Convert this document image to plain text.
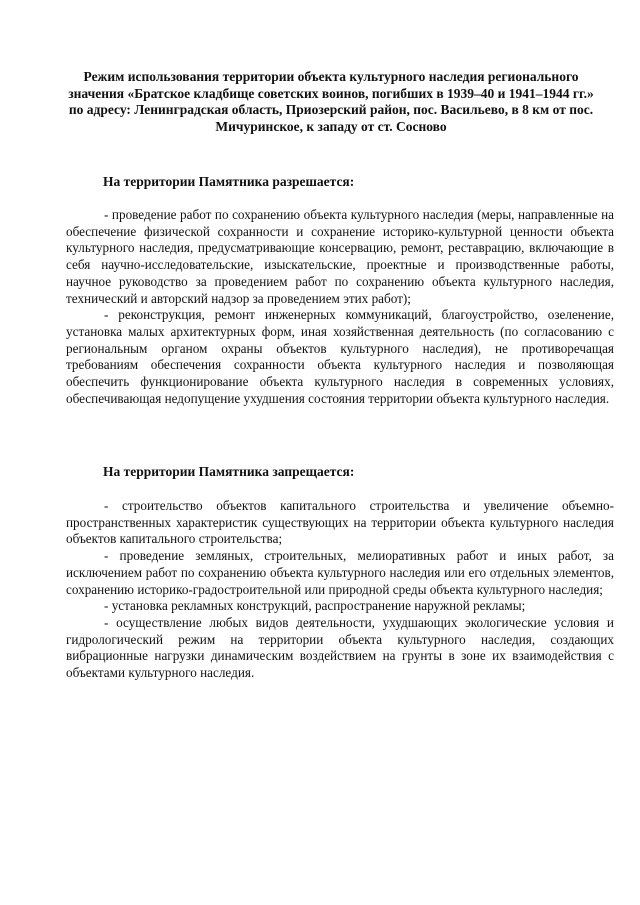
Режим использования территории объекта культурного наследия регионального значения «Братское кладбище советских воинов, погибших в 1939–40 и 1941–1944 гг.» по адресу: Ленинградская область, Приозерский район, пос. Васильево, в 8 км от пос. Мичуринское, к западу от ст. Сосново
На территории Памятника разрешается:

- проведение работ по сохранению объекта культурного наследия (меры, направленные на обеспечение физической сохранности и сохранение историко-культурной ценности объекта культурного наследия, предусматривающие консервацию, ремонт, реставрацию, включающие в себя научно-исследовательские, изыскательские, проектные и производственные работы, научное руководство за проведением работ по сохранению объекта культурного наследия, технический и авторский надзор за проведением этих работ);

- реконструкция, ремонт инженерных коммуникаций, благоустройство, озеленение, установка малых архитектурных форм, иная хозяйственная деятельность (по согласованию с региональным органом охраны объектов культурного наследия), не противоречащая требованиям обеспечения сохранности объекта культурного наследия и позволяющая обеспечить функционирование объекта культурного наследия в современных условиях, обеспечивающая недопущение ухудшения состояния территории объекта культурного наследия.

На территории Памятника запрещается:

- строительство объектов капитального строительства и увеличение объемно-пространственных характеристик существующих на территории объекта культурного наследия объектов капитального строительства;

- проведение земляных, строительных, мелиоративных работ и иных работ, за исключением работ по сохранению объекта культурного наследия или его отдельных элементов, сохранению историко-градостроительной или природной среды объекта культурного наследия;

- установка рекламных конструкций, распространение наружной рекламы;

- осуществление любых видов деятельности, ухудшающих экологические условия и гидрологический режим на территории объекта культурного наследия, создающих вибрационные нагрузки динамическим воздействием на грунты в зоне их взаимодействия с объектами культурного наследия.
